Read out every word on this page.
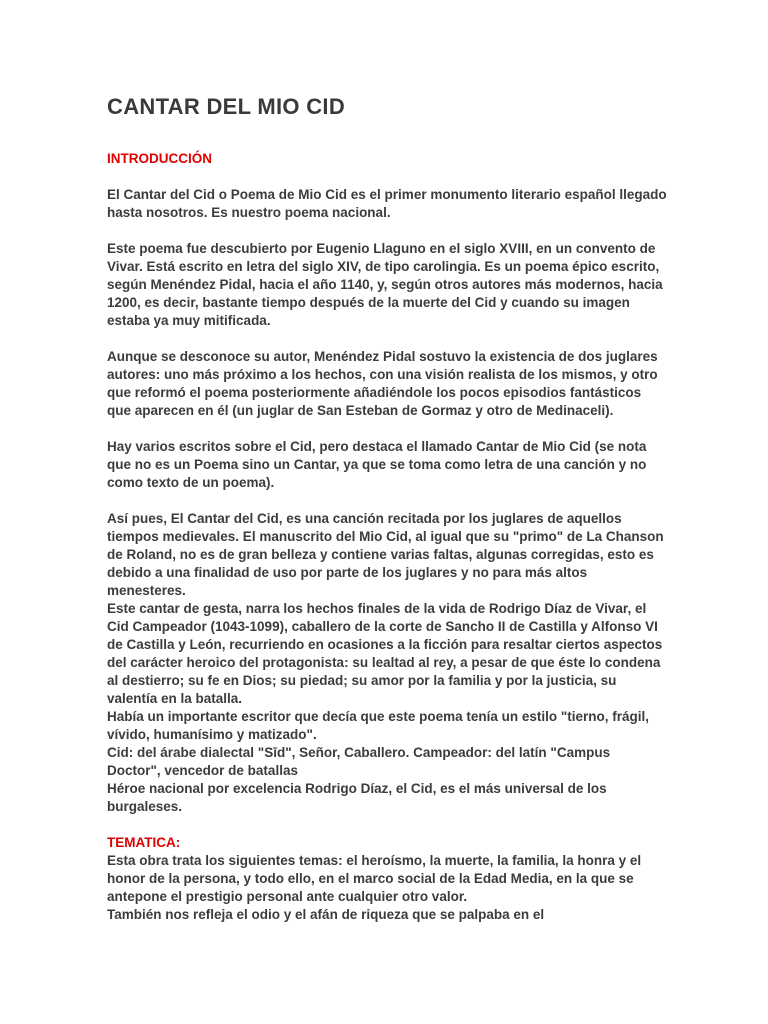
CANTAR DEL MIO CID
INTRODUCCIÓN

El Cantar del Cid o Poema de Mio Cid es el primer monumento literario español llegado hasta nosotros. Es nuestro poema nacional.

Este poema fue descubierto por Eugenio Llaguno en el siglo XVIII, en un convento de Vivar. Está escrito en letra del siglo XIV, de tipo carolingia. Es un poema épico escrito, según Menéndez Pidal, hacia el año 1140, y, según otros autores más modernos, hacia 1200, es decir, bastante tiempo después de la muerte del Cid y cuando su imagen estaba ya muy mitificada.

Aunque se desconoce su autor, Menéndez Pidal sostuvo la existencia de dos juglares autores: uno más próximo a los hechos, con una visión realista de los mismos, y otro que reformó el poema posteriormente añadiéndole los pocos episodios fantásticos que aparecen en él (un juglar de San Esteban de Gormaz y otro de Medinaceli).

Hay varios escritos sobre el Cid, pero destaca el llamado Cantar de Mio Cid (se nota que no es un Poema sino un Cantar, ya que se toma como letra de una canción y no como texto de un poema).

Así pues, El Cantar del Cid, es una canción recitada por los juglares de aquellos tiempos medievales. El manuscrito del Mio Cid, al igual que su "primo" de La Chanson de Roland, no es de gran belleza y contiene varias faltas, algunas corregidas, esto es debido a una finalidad de uso por parte de los juglares y no para más altos menesteres.

Este cantar de gesta, narra los hechos finales de la vida de Rodrigo Díaz de Vivar, el Cid Campeador (1043-1099), caballero de la corte de Sancho II de Castilla y Alfonso VI de Castilla y León, recurriendo en ocasiones a la ficción para resaltar ciertos aspectos del carácter heroico del protagonista: su lealtad al rey, a pesar de que éste lo condena al destierro; su fe en Dios; su piedad; su amor por la familia y por la justicia, su valentía en la batalla.

Había un importante escritor que decía que este poema tenía un estilo "tierno, frágil, vívido, humanísimo y matizado".

Cid: del árabe dialectal "Sīd", Señor, Caballero. Campeador: del latín "Campus Doctor", vencedor de batallas

Héroe nacional por excelencia Rodrigo Díaz, el Cid, es el más universal de los burgaleses.

TEMATICA:

Esta obra trata los siguientes temas: el heroísmo, la muerte, la familia, la honra y el honor de la persona, y todo ello, en el marco social de la Edad Media, en la que se antepone el prestigio personal ante cualquier otro valor.

También nos refleja el odio y el afán de riqueza que se palpaba en el
